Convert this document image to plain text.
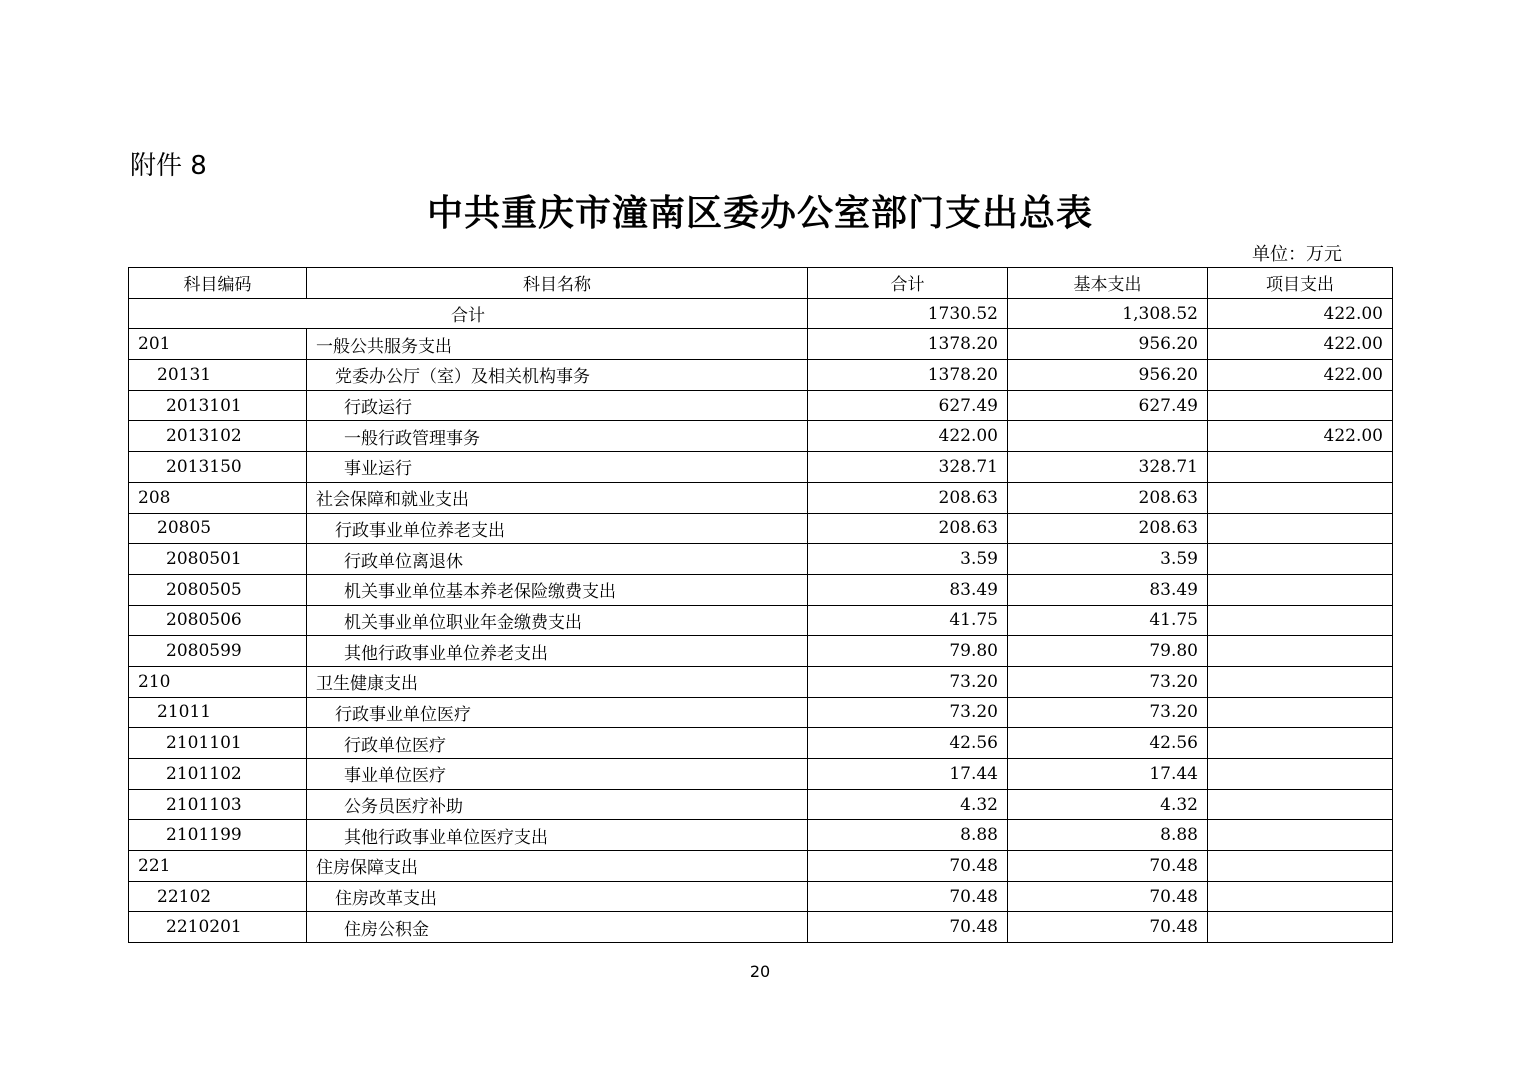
附件 8
中共重庆市潼南区委办公室部门支出总表
单位：万元
科目编码	科目名称	合计	基本支出	项目支出
合计		1730.52	1,308.52	422.00
201	一般公共服务支出	1378.20	956.20	422.00
20131	党委办公厅（室）及相关机构事务	1378.20	956.20	422.00
2013101	行政运行	627.49	627.49	
2013102	一般行政管理事务	422.00		422.00
2013150	事业运行	328.71	328.71	
208	社会保障和就业支出	208.63	208.63	
20805	行政事业单位养老支出	208.63	208.63	
2080501	行政单位离退休	3.59	3.59	
2080505	机关事业单位基本养老保险缴费支出	83.49	83.49	
2080506	机关事业单位职业年金缴费支出	41.75	41.75	
2080599	其他行政事业单位养老支出	79.80	79.80	
210	卫生健康支出	73.20	73.20	
21011	行政事业单位医疗	73.20	73.20	
2101101	行政单位医疗	42.56	42.56	
2101102	事业单位医疗	17.44	17.44	
2101103	公务员医疗补助	4.32	4.32	
2101199	其他行政事业单位医疗支出	8.88	8.88	
221	住房保障支出	70.48	70.48	
22102	住房改革支出	70.48	70.48	
2210201	住房公积金	70.48	70.48	
20
